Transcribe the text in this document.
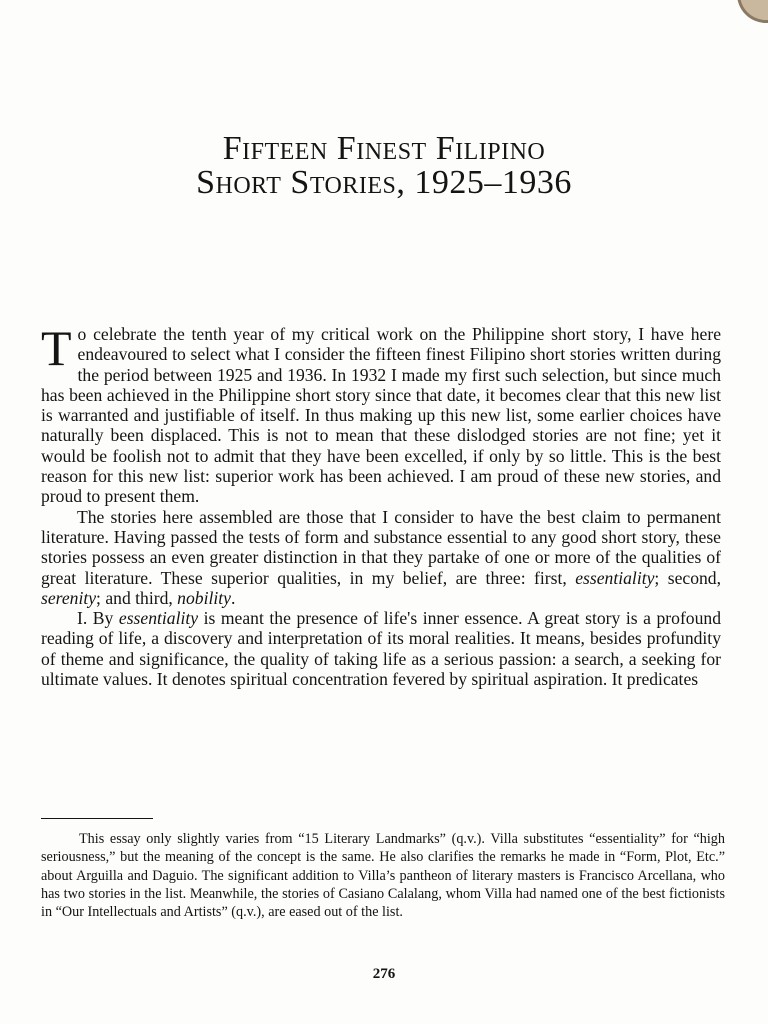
Fifteen Finest Filipino
Short Stories, 1925–1936

To celebrate the tenth year of my critical work on the Philippine short story, I have here endeavoured to select what I consider the fifteen finest Filipino short stories written during the period between 1925 and 1936. In 1932 I made my first such selection, but since much has been achieved in the Philippine short story since that date, it becomes clear that this new list is warranted and justifiable of itself. In thus making up this new list, some earlier choices have naturally been displaced. This is not to mean that these dislodged stories are not fine; yet it would be foolish not to admit that they have been excelled, if only by so little. This is the best reason for this new list: superior work has been achieved. I am proud of these new stories, and proud to present them.

The stories here assembled are those that I consider to have the best claim to permanent literature. Having passed the tests of form and substance essential to any good short story, these stories possess an even greater distinction in that they partake of one or more of the qualities of great literature. These superior qualities, in my belief, are three: first, essentiality; second, serenity; and third, nobility.

I. By essentiality is meant the presence of life's inner essence. A great story is a profound reading of life, a discovery and interpretation of its moral realities. It means, besides profundity of theme and significance, the quality of taking life as a serious passion: a search, a seeking for ultimate values. It denotes spiritual concentration fevered by spiritual aspiration. It predicates

This essay only slightly varies from “15 Literary Landmarks” (q.v.). Villa substitutes “essentiality” for “high seriousness,” but the meaning of the concept is the same. He also clarifies the remarks he made in “Form, Plot, Etc.” about Arguilla and Daguio. The significant addition to Villa’s pantheon of literary masters is Francisco Arcellana, who has two stories in the list. Meanwhile, the stories of Casiano Calalang, whom Villa had named one of the best fictionists in “Our Intellectuals and Artists” (q.v.), are eased out of the list.

276
